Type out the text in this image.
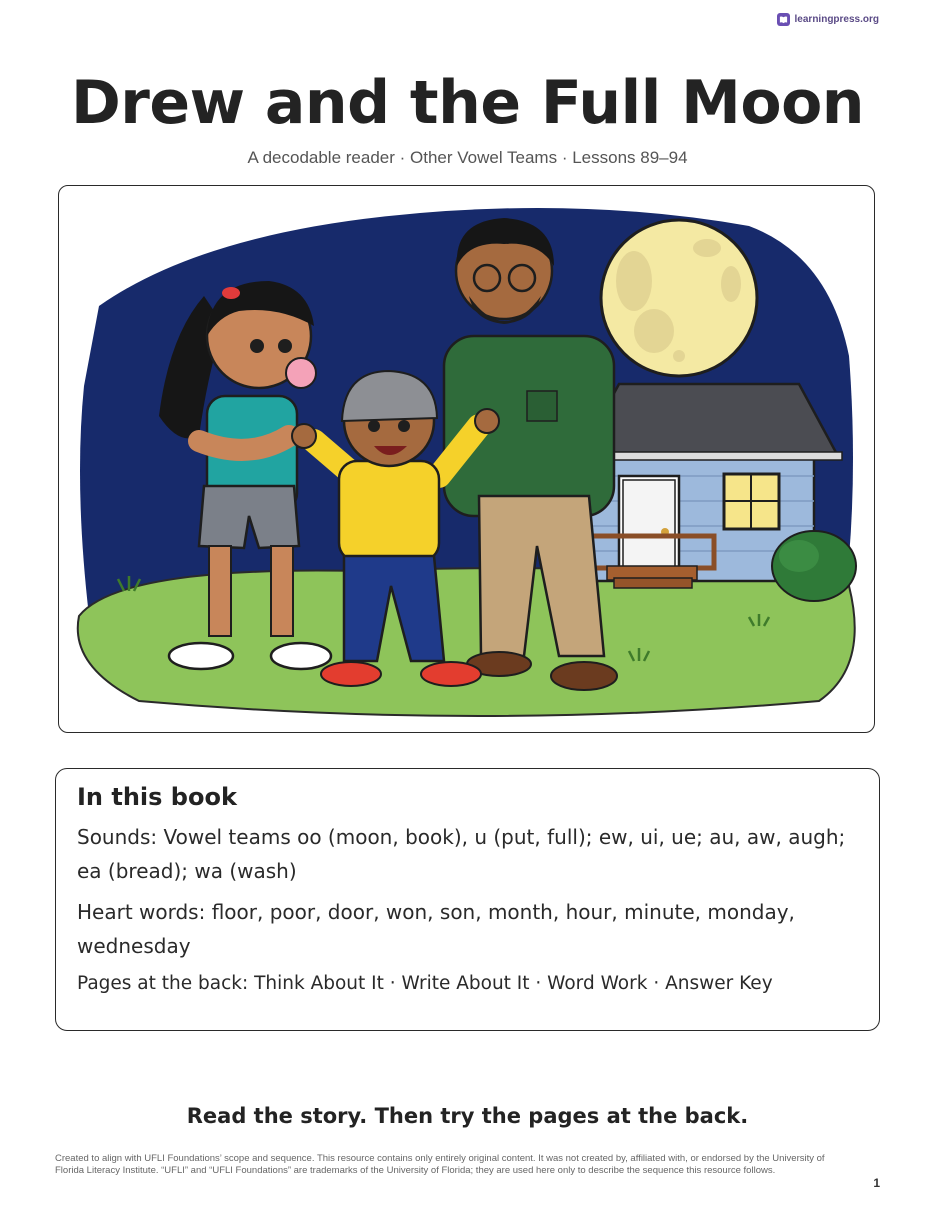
learningpress.org
Drew and the Full Moon

A decodable reader · Other Vowel Teams · Lessons 89–94

In this book

Sounds: Vowel teams oo (moon, book), u (put, full); ew, ui, ue; au, aw, augh; ea (bread); wa (wash)

Heart words: floor, poor, door, won, son, month, hour, minute, monday, wednesday

Pages at the back: Think About It · Write About It · Word Work · Answer Key

Read the story. Then try the pages at the back.

Created to align with UFLI Foundations’ scope and sequence. This resource contains only entirely original content. It was not created by, affiliated with, or endorsed by the University of Florida Literacy Institute. “UFLI” and “UFLI Foundations” are trademarks of the University of Florida; they are used here only to describe the sequence this resource follows.

1
